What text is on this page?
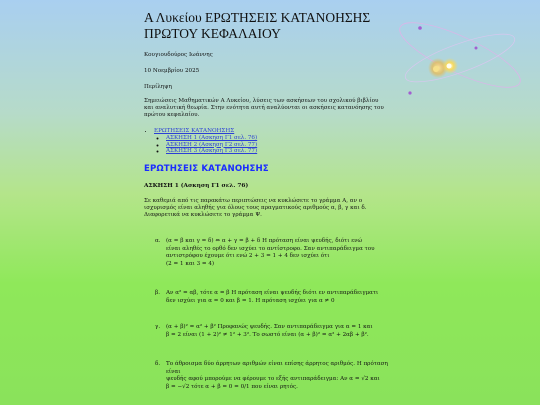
Α Λυκείου ΕΡΩΤΗΣΕΙΣ ΚΑΤΑΝΟΗΣΗΣ ΠΡΩΤΟΥ ΚΕΦΑΛΑΙΟΥ

Κουγιουδούρος Ιωάννης

10 Νοεμβρίου 2025

Περίληψη

Σημειώσεις Μαθηματικών Α Λυκείου, λύσεις των ασκήσεων του σχολικού βιβλίου και αναλυτική θεωρία. Στην ενότητα αυτή αναλύονται οι ασκήσεις κατανόησης του πρώτου κεφαλαίου.

• ΕΡΩΤΗΣΕΙΣ ΚΑΤΑΝΟΗΣΗΣ
◦ ΑΣΚΗΣΗ 1 (Ασκηση Γ1 σελ. 76)
◦ ΑΣΚΗΣΗ 2 (Ασκηση Γ2 σελ. 77)
◦ ΑΣΚΗΣΗ 3 (Ασκηση Γ3 σελ. 77)
ΕΡΩΤΗΣΕΙΣ ΚΑΤΑΝΟΗΣΗΣ
ΑΣΚΗΣΗ 1 (Ασκηση Γ1 σελ. 76)

Σε καθεμιά από τις παρακάτω περιπτώσεις να κυκλώσετε το γράμμα Α, αν ο ισχυρισμός είναι αληθής για όλους τους πραγματικούς αριθμούς α, β, γ και δ. Διαφορετικά να κυκλώσετε το γράμμα Ψ.

α. (α = β και γ = δ) ⇔ α + γ = β + δ Η πρόταση είναι ψευδής, διότι ενώ
είναι αληθές το ορθό δεν ισχύει το αντίστροφο. Σαν αντιπαράδειγμα του
αντιστρόφου έχουμε ότι ενώ 2 + 3 = 1 + 4 δεν ισχύει ότι
(2 = 1 και 3 = 4)
β. Αν α² = αβ, τότε α = β Η πρόταση είναι ψευδής διότι εν αντιπαράδειγματι
δεν ισχύει για α = 0 και β = 1. Η πρόταση ισχύει για α ≠ 0
γ. (α + β)² = α² + β² Προφανώς ψευδής. Σαν αντιπαράδειγμα για α = 1 και
β = 2 είναι (1 + 2)² ≠ 1² + 3². Το σωστό είναι (α + β)² = α² + 2αβ + β².
δ. Το άθροισμα δύο άρρητων αριθμών είναι επίσης άρρητος αριθμός. Η πρόταση είναι
ψευδής αφού μπορούμε να φέρουμε το εξής αντιπαράδειγμα: Αν α = √2 και
β = −√2 τότε α + β = 0 = 0/1 που είναι ρητός.
